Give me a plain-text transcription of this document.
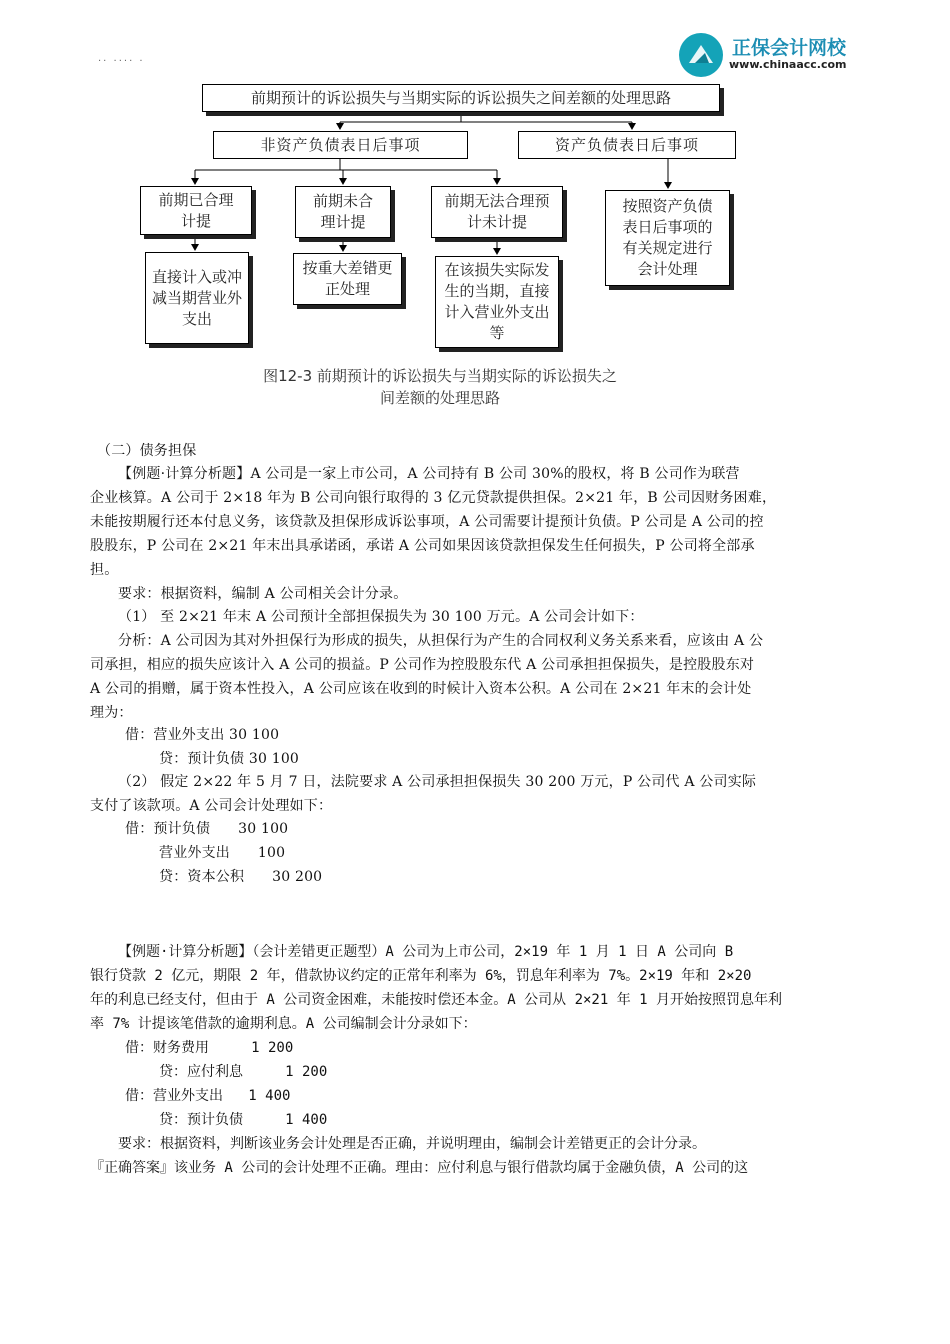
·· ···· ·
正保会计网校
www.chinaacc.com
前期预计的诉讼损失与当期实际的诉讼损失之间差额的处理思路
非资产负债表日后事项	资产负债表日后事项
前期已合理计提
前期未合理计提
前期无法合理预计未计提
按照资产负债表日后事项的有关规定进行会计处理
直接计入或冲减当期营业外支出
按重大差错更正处理
在该损失实际发生的当期，直接计入营业外支出等
图12-3 前期预计的诉讼损失与当期实际的诉讼损失之
间差额的处理思路
（二）债务担保
【例题·计算分析题】A 公司是一家上市公司，A 公司持有 B 公司 30%的股权，将 B 公司作为联营
企业核算。A 公司于 2×18 年为 B 公司向银行取得的 3 亿元贷款提供担保。2×21 年，B 公司因财务困难，
未能按期履行还本付息义务，该贷款及担保形成诉讼事项，A 公司需要计提预计负债。P 公司是 A 公司的控
股股东，P 公司在 2×21 年末出具承诺函，承诺 A 公司如果因该贷款担保发生任何损失，P 公司将全部承
担。
要求：根据资料，编制 A 公司相关会计分录。
（1） 至 2×21 年末 A 公司预计全部担保损失为 30 100 万元。A 公司会计如下：
分析：A 公司因为其对外担保行为形成的损失，从担保行为产生的合同权利义务关系来看，应该由 A 公
司承担，相应的损失应该计入 A 公司的损益。P 公司作为控股股东代 A 公司承担担保损失，是控股股东对
A 公司的捐赠，属于资本性投入，A 公司应该在收到的时候计入资本公积。A 公司在 2×21 年末的会计处
理为：
借：营业外支出 30 100
贷：预计负债 30 100
（2） 假定 2×22 年 5 月 7 日，法院要求 A 公司承担担保损失 30 200 万元，P 公司代 A 公司实际
支付了该款项。A 公司会计处理如下：
借：预计负债      30 100
营业外支出      100
贷：资本公积      30 200
【例题·计算分析题】（会计差错更正题型）A 公司为上市公司，2×19 年 1 月 1 日 A 公司向 B
银行贷款 2 亿元，期限 2 年，借款协议约定的正常年利率为 6%，罚息年利率为 7%。2×19 年和 2×20
年的利息已经支付，但由于 A 公司资金困难，未能按时偿还本金。A 公司从 2×21 年 1 月开始按照罚息年利
率 7% 计提该笔借款的逾期利息。A 公司编制会计分录如下：
借：财务费用     1 200
贷：应付利息     1 200
借：营业外支出   1 400
贷：预计负债     1 400
要求：根据资料，判断该业务会计处理是否正确，并说明理由，编制会计差错更正的会计分录。
『正确答案』该业务 A 公司的会计处理不正确。理由：应付利息与银行借款均属于金融负债，A 公司的这
